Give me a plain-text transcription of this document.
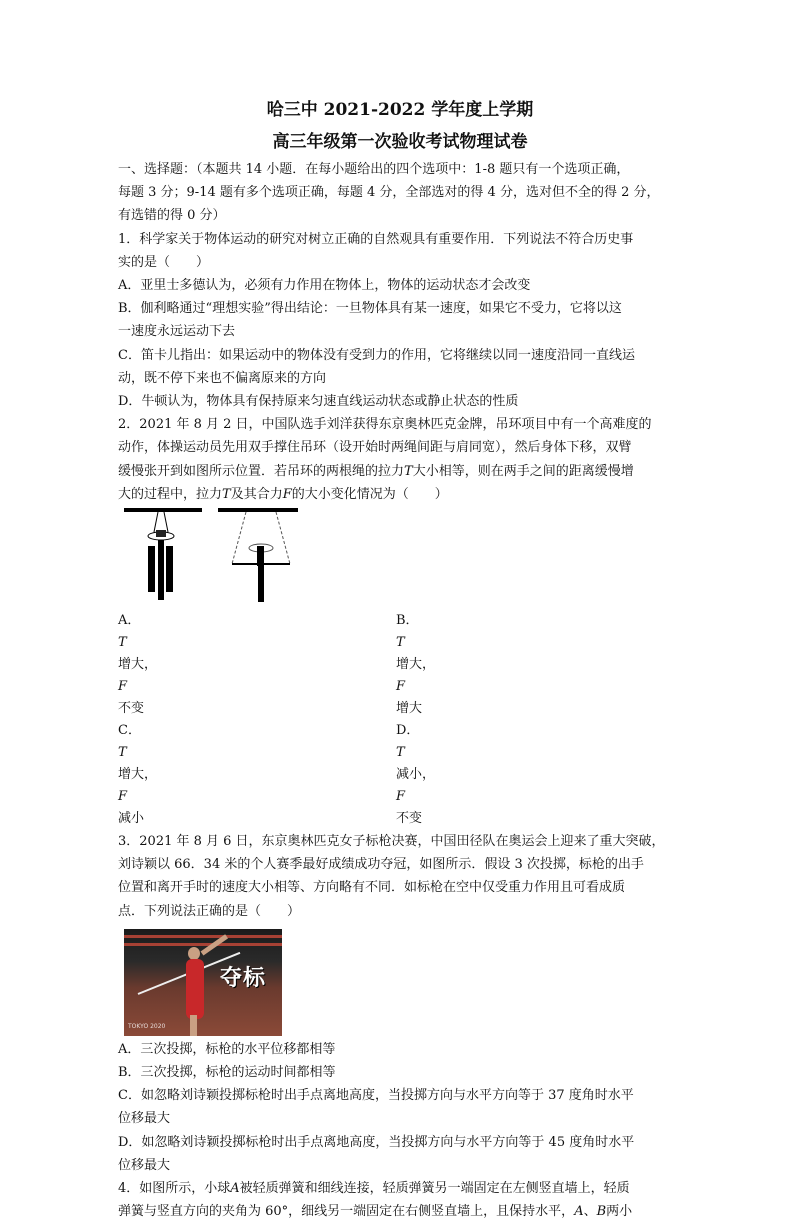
哈三中 2021-2022 学年度上学期
高三年级第一次验收考试物理试卷

一、选择题：（本题共 14 小题．在每小题给出的四个选项中：1-8 题只有一个选项正确，
每题 3 分；9-14 题有多个选项正确，每题 4 分，全部选对的得 4 分，选对但不全的得 2 分，
有选错的得 0 分）

1．科学家关于物体运动的研究对树立正确的自然观具有重要作用．下列说法不符合历史事
实的是（　　）

A．亚里士多德认为，必须有力作用在物体上，物体的运动状态才会改变

B．伽利略通过“理想实验”得出结论：一旦物体具有某一速度，如果它不受力，它将以这
一速度永远运动下去

C．笛卡儿指出：如果运动中的物体没有受到力的作用，它将继续以同一速度沿同一直线运
动，既不停下来也不偏离原来的方向

D．牛顿认为，物体具有保持原来匀速直线运动状态或静止状态的性质

2．2021 年 8 月 2 日，中国队选手刘洋获得东京奥林匹克金牌，吊环项目中有一个高难度的
动作，体操运动员先用双手撑住吊环（设开始时两绳间距与肩同宽），然后身体下移，双臂
缓慢张开到如图所示位置．若吊环的两根绳的拉力T大小相等，则在两手之间的距离缓慢增
大的过程中，拉力T及其合力F的大小变化情况为（　　）

A．
T
增大，
F
不变
B．
T
增大，
F
增大
C．
T
增大，
F
减小
D．
T
减小，
F
不变

3．2021 年 8 月 6 日，东京奥林匹克女子标枪决赛，中国田径队在奥运会上迎来了重大突破，
刘诗颖以 66．34 米的个人赛季最好成绩成功夺冠，如图所示．假设 3 次投掷，标枪的出手
位置和离开手时的速度大小相等、方向略有不同．如标枪在空中仅受重力作用且可看成质
点．下列说法正确的是（　　）

夺标
TOKYO 2020

A．三次投掷，标枪的水平位移都相等

B．三次投掷，标枪的运动时间都相等

C．如忽略刘诗颖投掷标枪时出手点离地高度，当投掷方向与水平方向等于 37 度角时水平
位移最大

D．如忽略刘诗颖投掷标枪时出手点离地高度，当投掷方向与水平方向等于 45 度角时水平
位移最大

4．如图所示，小球A被轻质弹簧和细线连接，轻质弹簧另一端固定在左侧竖直墙上，轻质
弹簧与竖直方向的夹角为 60°，细线另一端固定在右侧竖直墙上，且保持水平，A、B两小
